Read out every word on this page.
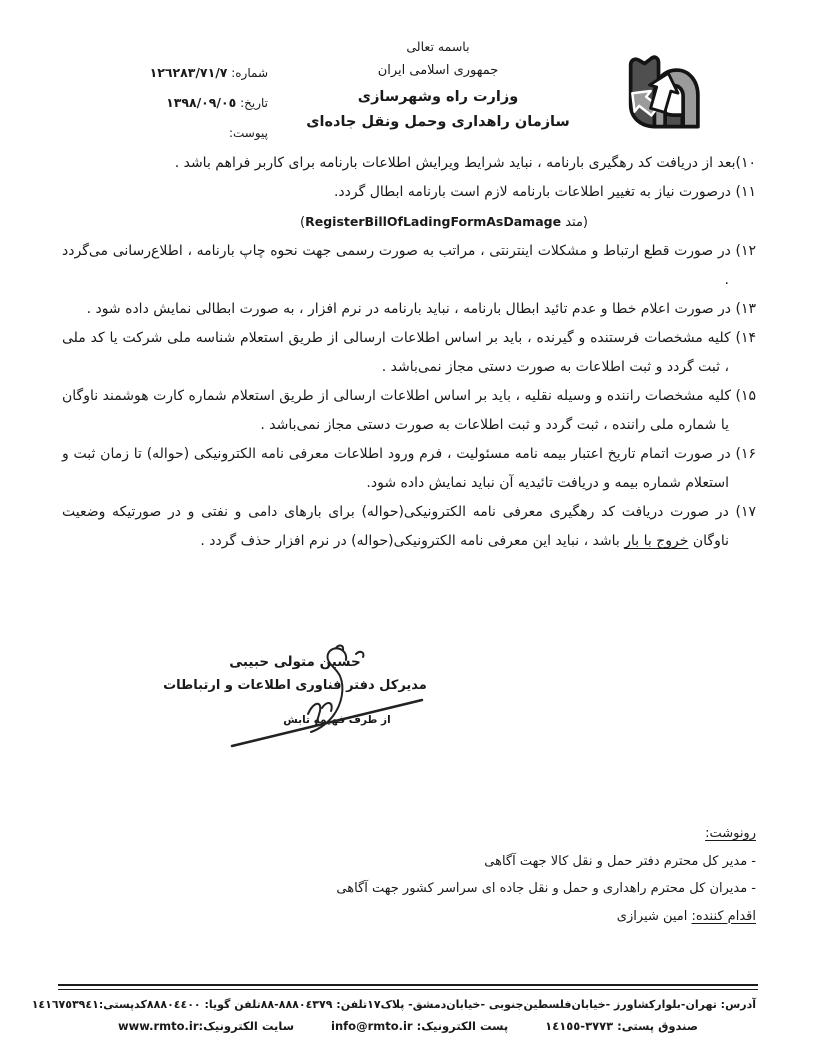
شماره: ١٢٦٢٨٣/٧١/٧
تاریخ: ١٣٩٨/٠٩/٠٥
پیوست:
باسمه تعالی
جمهوری اسلامی ایران
وزارت راه وشهرسازی
سازمان راهداری وحمل ونقل جاده‌ای
۱۰)بعد از دریافت کد رهگیری بارنامه ، نباید شرایط ویرایش اطلاعات بارنامه برای کاربر فراهم باشد .
۱۱) درصورت نیاز به تغییر اطلاعات بارنامه لازم است بارنامه ابطال گردد.
(متد RegisterBillOfLadingFormAsDamage)
۱۲) در صورت قطع ارتباط و مشکلات اینترنتی ، مراتب به صورت رسمی جهت نحوه چاپ بارنامه ، اطلاع‌رسانی می‌گردد .
۱۳) در صورت اعلام خطا و عدم تائید ابطال بارنامه ، نباید بارنامه در نرم افزار ، به صورت ابطالی نمایش داده شود .
۱۴) کلیه مشخصات فرستنده و گیرنده ، باید بر اساس اطلاعات ارسالی از طریق استعلام شناسه ملی شرکت یا کد ملی ، ثبت گردد و ثبت اطلاعات به صورت دستی مجاز نمی‌باشد .
۱۵) کلیه مشخصات راننده و وسیله نقلیه ، باید بر اساس اطلاعات ارسالی از طریق استعلام شماره کارت هوشمند ناوگان یا شماره ملی راننده ، ثبت گردد و ثبت اطلاعات به صورت دستی مجاز نمی‌باشد .
۱۶) در صورت اتمام تاریخ اعتبار بیمه نامه مسئولیت ، فرم ورود اطلاعات معرفی نامه الکترونیکی (حواله) تا زمان ثبت و استعلام شماره بیمه و دریافت تائیدیه آن نباید نمایش داده شود.
۱۷) در صورت دریافت کد رهگیری معرفی نامه الکترونیکی(حواله) برای بارهای دامی و نفتی و در صورتیکه وضعیت ناوگان خروج با بار باشد ، نباید این معرفی نامه الکترونیکی(حواله) در نرم افزار حذف گردد .
حسین متولی حبیبی
مدیرکل دفتر فناوری اطلاعات و ارتباطات
از طرف فهیمه تابش
رونوشت:
- مدیر کل محترم دفتر حمل و نقل کالا جهت آگاهی
- مدیران کل محترم راهداری و حمل و نقل جاده ای سراسر کشور جهت آگاهی
اقدام کننده: امین شیرازی
آدرس: تهران-بلوارکشاورز -خیابان‌فلسطین‌جنوبی -خیابان‌دمشق- پلاک١٧
تلفن: ٨٨٨٠٤٣٧٩-٨٨
تلفن گویا: ٨٨٨٠٤٤٠٠
کدپستی:١٤١٦٧٥٣٩٤١
صندوق پستی: ٣٧٧٣-١٤١٥٥
پست الکترونیک: info@rmto.ir
سایت الکترونیک:www.rmto.ir
